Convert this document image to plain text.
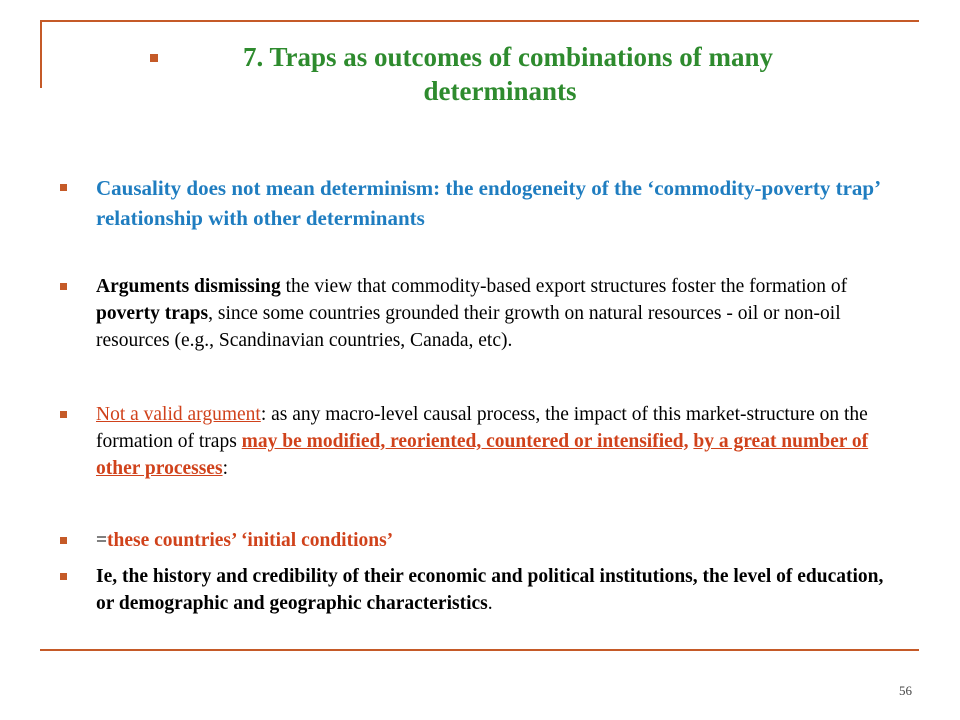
7. Traps as outcomes of combinations of many
determinants
Causality does not mean determinism: the endogeneity of the ‘commodity-poverty trap’ relationship with other determinants
Arguments dismissing the view that commodity-based export structures foster the formation of poverty traps, since some countries grounded their growth on natural resources - oil or non-oil resources (e.g., Scandinavian countries, Canada, etc).
Not a valid argument: as any macro-level causal process, the impact of this market-structure on the formation of traps may be modified, reoriented, countered or intensified, by a great number of other processes:
=these countries’ ‘initial conditions’
Ie, the history and credibility of their economic and political institutions, the level of education, or demographic and geographic characteristics.
56
